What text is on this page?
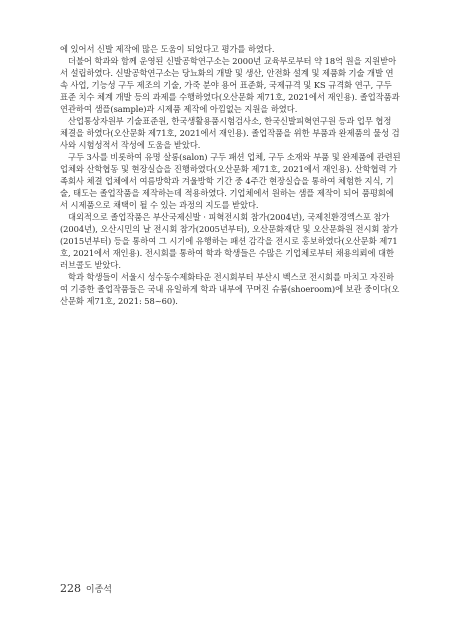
에 있어서 신발 제작에 많은 도움이 되었다고 평가를 하였다.
더불어 학과와 함께 운영된 신발공학연구소는 2000년 교육부로부터 약 18억 원을 지원받아
서 설립하였다. 신발공학연구소는 당뇨화의 개발 및 생산, 안전화 설계 및 제품화 기술 개발 연
속 사업, 기능성 구두 제조의 기술, 가죽 분야 용어 표준화, 국제규격 및 KS 규격화 연구, 구두
표준 치수 체계 개발 등의 과제를 수행하였다(오산문화 제71호, 2021에서 재인용). 졸업작품과
연관하여 샘플(sample)과 시제품 제작에 아낌없는 지원을 하였다.
산업통상자원부 기술표준원, 한국생활용품시험검사소, 한국신발피혁연구원 등과 업무 협정
체결을 하였다(오산문화 제71호, 2021에서 재인용). 졸업작품을 위한 부품과 완제품의 물성 검
사와 시험성적서 작성에 도움을 받았다.
구두 3사를 비롯하여 유명 살롱(salon) 구두 패션 업체, 구두 소재와 부품 및 완제품에 관련된
업체와 산학협동 및 현장실습을 진행하였다(오산문화 제71호, 2021에서 재인용). 산학협력 가
족회사 체결 업체에서 여름방학과 겨울방학 기간 중 4주간 현장실습을 통하여 체험한 지식, 기
술, 태도는 졸업작품을 제작하는데 적용하였다. 기업체에서 원하는 샘플 제작이 되어 품평회에
서 시제품으로 채택이 될 수 있는 과정의 지도를 받았다.
대외적으로 졸업작품은 부산국제신발 · 피혁전시회 참가(2004년), 국제친환경엑스포 참가
(2004년), 오산시민의 날 전시회 참가(2005년부터), 오산문화재단 및 오산문화원 전시회 참가
(2015년부터) 등을 통하여 그 시기에 유행하는 패션 감각을 전시로 홍보하였다(오산문화 제71
호, 2021에서 재인용). 전시회를 통하여 학과 학생들은 수많은 기업체로부터 채용의뢰에 대한
러브콜도 받았다.
학과 학생들이 서울시 성수동수제화타운 전시회부터 부산시 벡스코 전시회를 마치고 자진하
여 기증한 졸업작품들은 국내 유일하게 학과 내부에 꾸며진 슈룸(shoeroom)에 보관 중이다(오
산문화 제71호, 2021: 58~60).
228 이종석
